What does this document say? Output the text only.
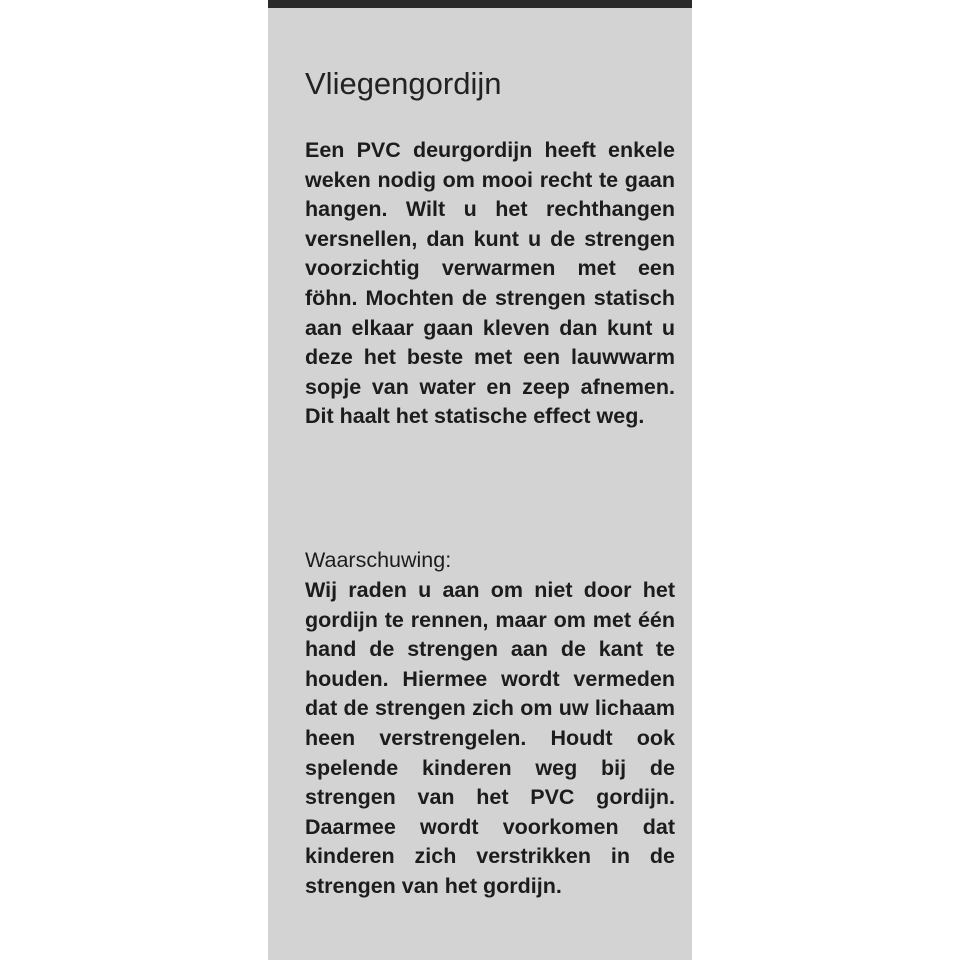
Vliegengordijn

Een PVC deurgordijn heeft enkele weken nodig om mooi recht te gaan hangen. Wilt u het rechthangen versnellen, dan kunt u de strengen voorzichtig verwarmen met een föhn. Mochten de strengen statisch aan elkaar gaan kleven dan kunt u deze het beste met een lauwwarm sopje van water en zeep afnemen. Dit haalt het statische effect weg.

Waarschuwing:

Wij raden u aan om niet door het gordijn te rennen, maar om met één hand de strengen aan de kant te houden. Hiermee wordt vermeden dat de strengen zich om uw lichaam heen verstrengelen. Houdt ook spelende kinderen weg bij de strengen van het PVC gordijn. Daarmee wordt voorkomen dat kinderen zich verstrikken in de strengen van het gordijn.
